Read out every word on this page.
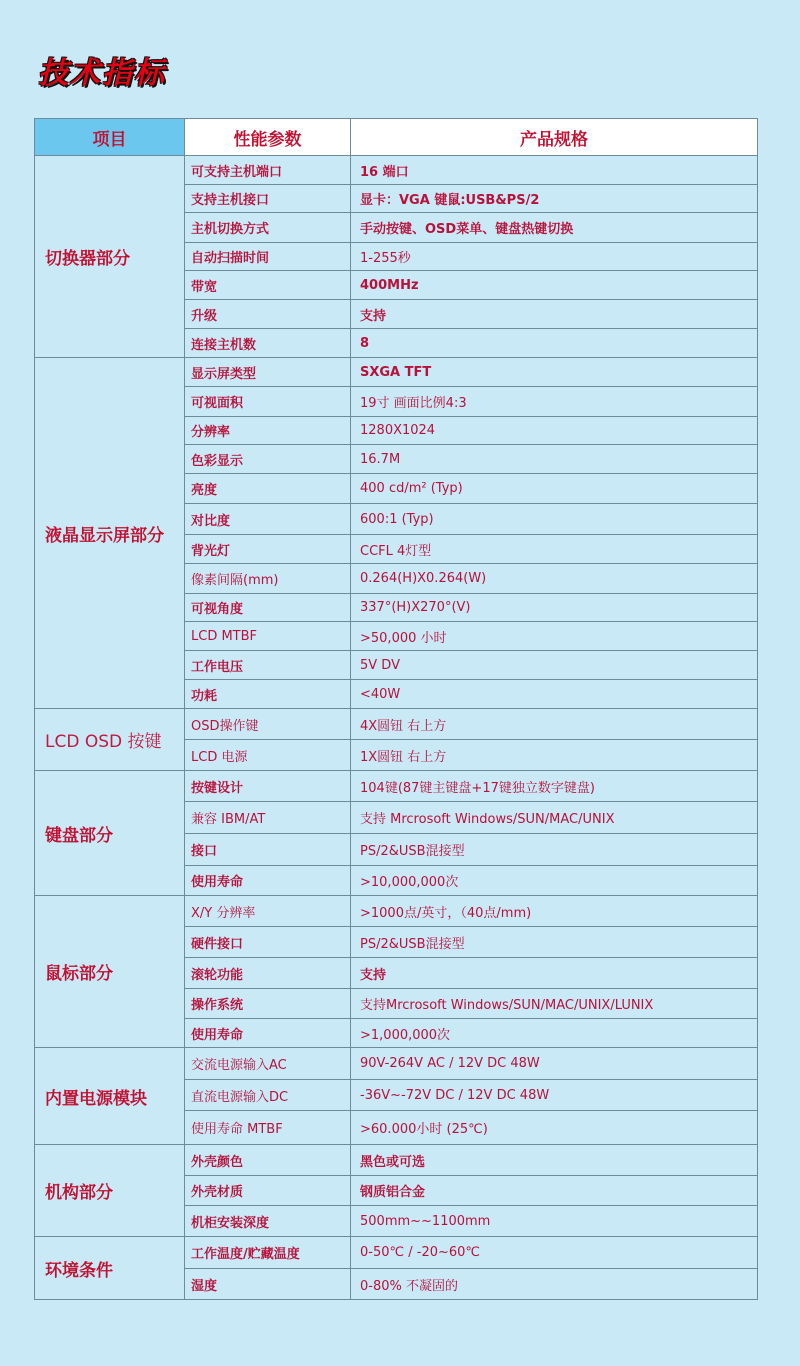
技术指标
项目	性能参数	产品规格
切换器部分	可支持主机端口	16 端口
	支持主机接口	显卡：VGA 键鼠:USB&PS/2
	主机切换方式	手动按键、OSD菜单、键盘热键切换
	自动扫描时间	1-255秒
	带宽	400MHz
	升级	支持
	连接主机数	8
液晶显示屏部分	显示屏类型	SXGA TFT
	可视面积	19寸 画面比例4:3
	分辨率	1280X1024
	色彩显示	16.7M
	亮度	400 cd/m² (Typ)
	对比度	600:1 (Typ)
	背光灯	CCFL 4灯型
	像素间隔(mm)	0.264(H)X0.264(W)
	可视角度	337°(H)X270°(V)
	LCD MTBF	>50,000 小时
	工作电压	5V DV
	功耗	<40W
LCD OSD 按键	OSD操作键	4X圆钮 右上方
	LCD 电源	1X圆钮 右上方
键盘部分	按键设计	104键(87键主键盘+17键独立数字键盘)
	兼容 IBM/AT	支持 Mrcrosoft Windows/SUN/MAC/UNIX
	接口	PS/2&USB混接型
	使用寿命	>10,000,000次
鼠标部分	X/Y 分辨率	>1000点/英寸，（40点/mm)
	硬件接口	PS/2&USB混接型
	滚轮功能	支持
	操作系统	支持Mrcrosoft Windows/SUN/MAC/UNIX/LUNIX
	使用寿命	>1,000,000次
内置电源模块	交流电源输入AC	90V-264V AC / 12V DC 48W
	直流电源输入DC	-36V~-72V DC / 12V DC 48W
	使用寿命 MTBF	>60.000小时 (25℃)
机构部分	外壳颜色	黑色或可选
	外壳材质	钢质铝合金
	机柜安装深度	500mm~~1100mm
环境条件	工作温度/贮藏温度	0-50℃ / -20~60℃
	湿度	0-80% 不凝固的
